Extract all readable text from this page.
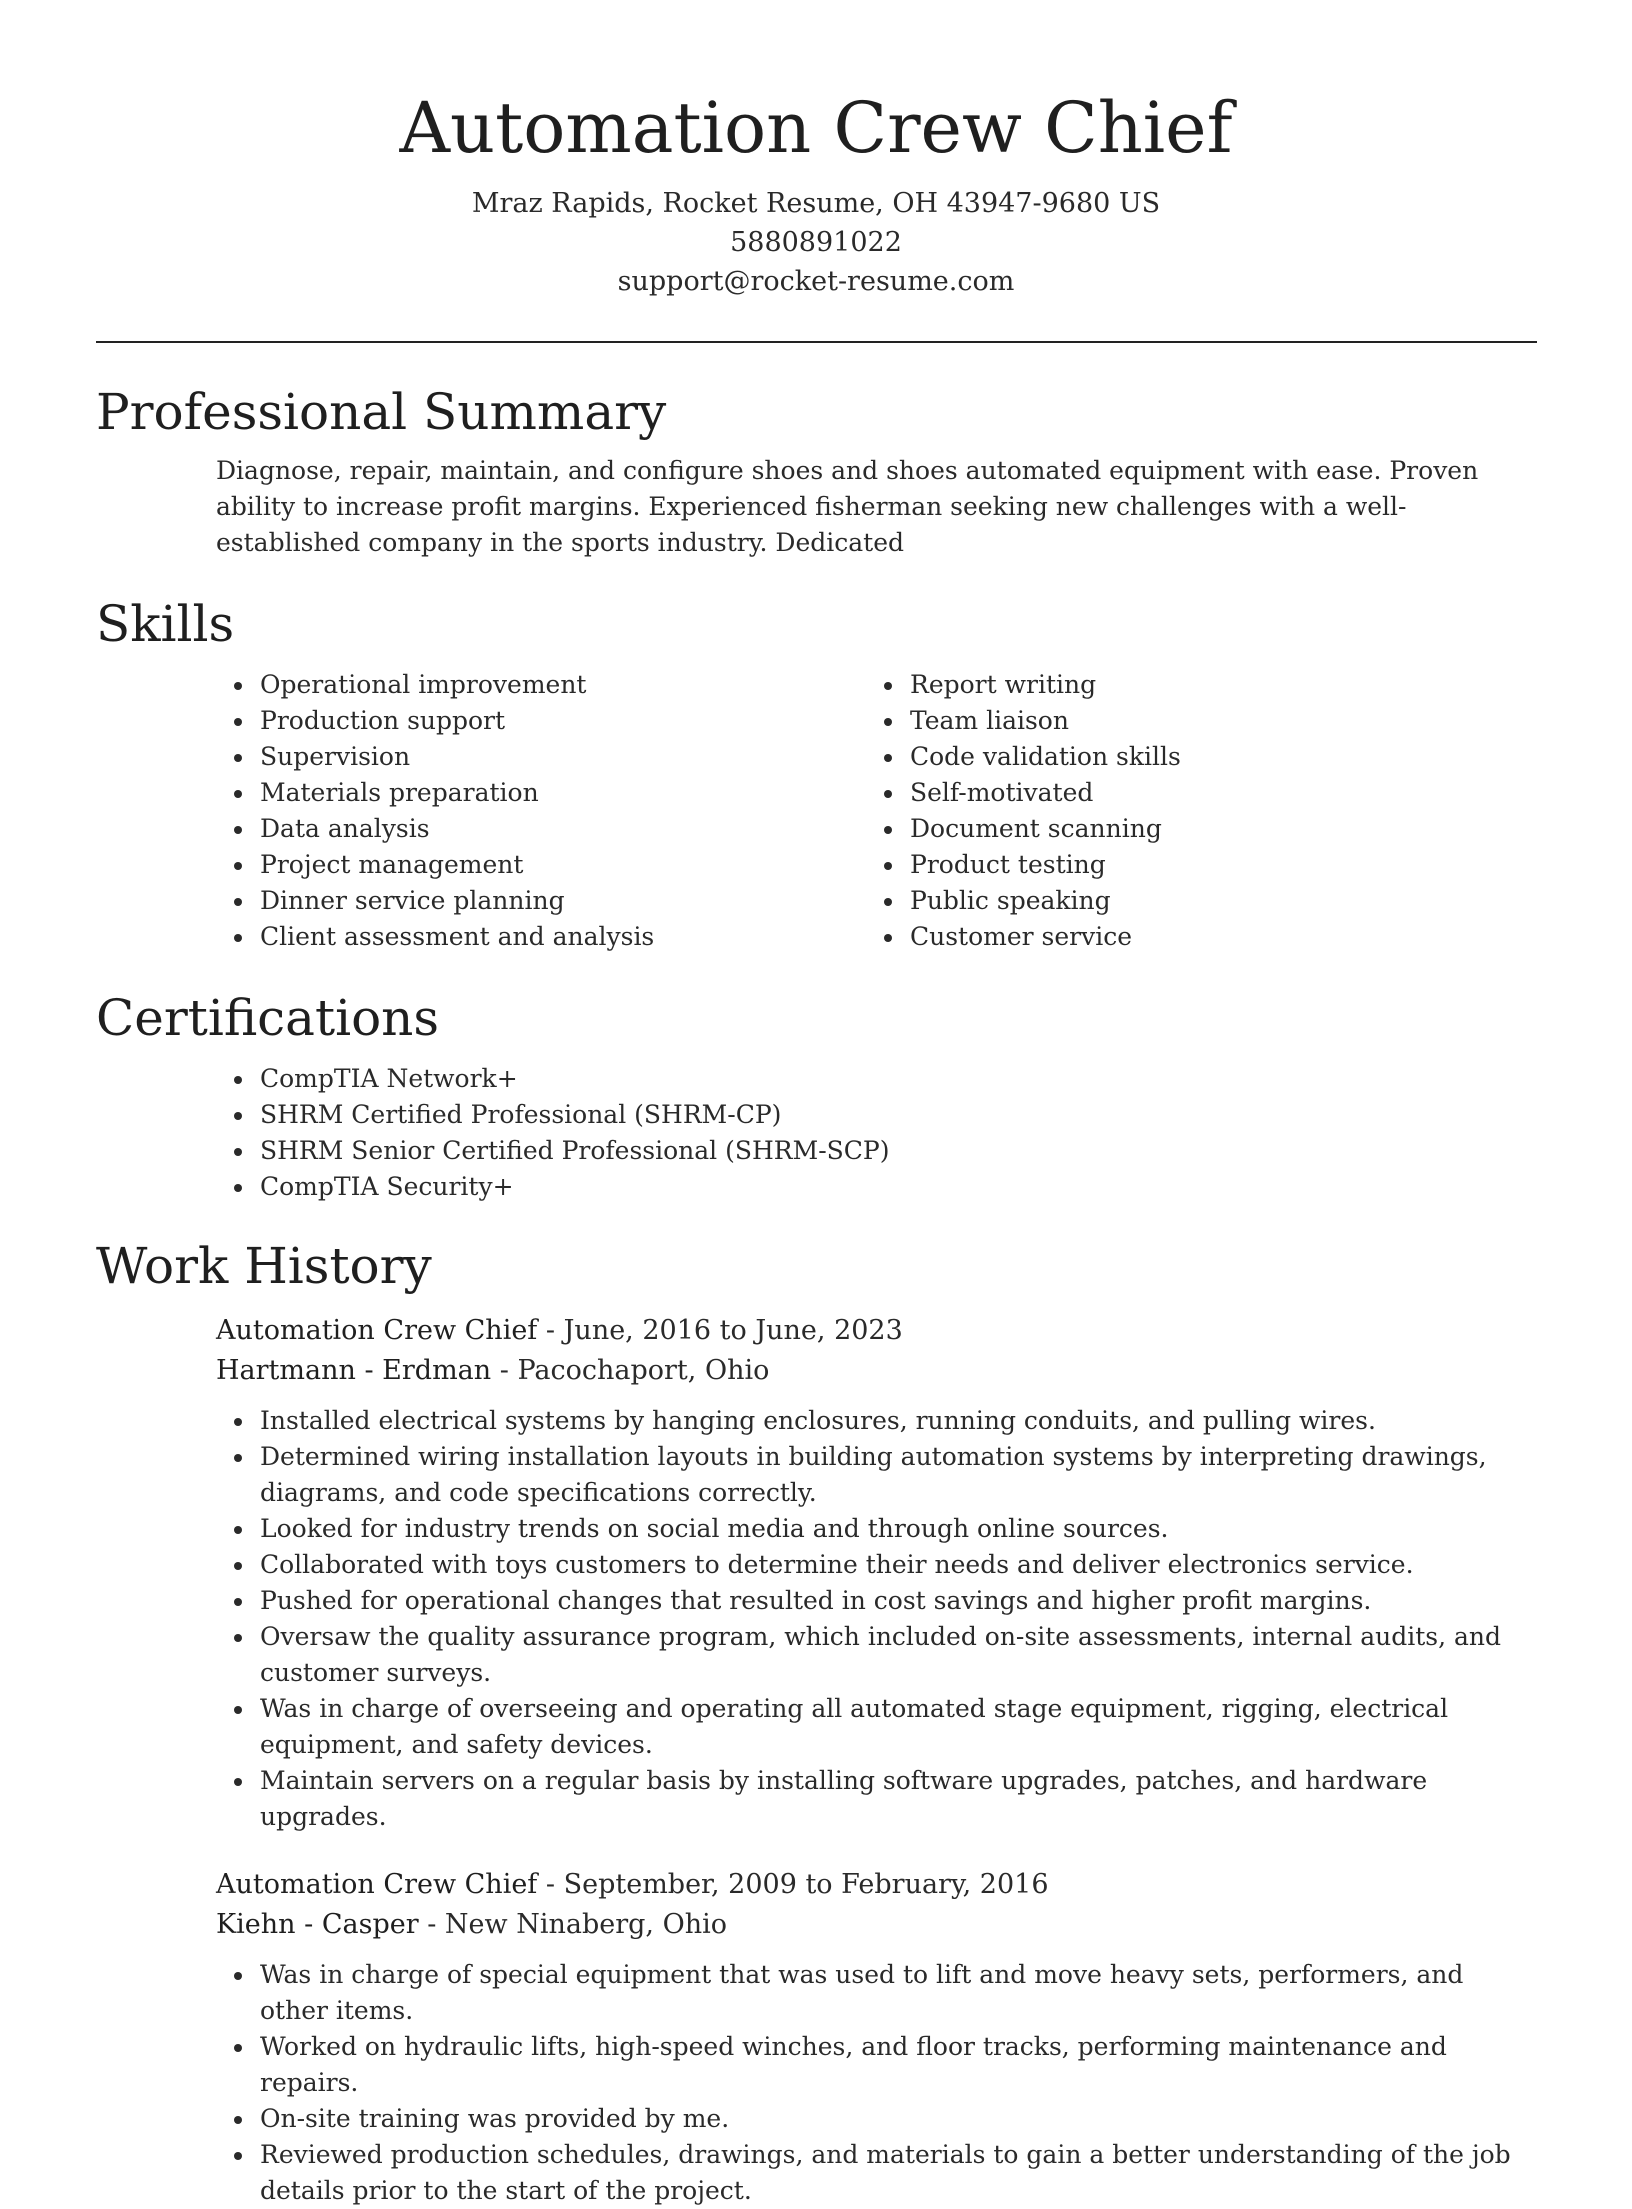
Automation Crew Chief
Mraz Rapids, Rocket Resume, OH 43947-9680 US
5880891022
support@rocket-resume.com
Professional Summary
Diagnose, repair, maintain, and configure shoes and shoes automated equipment with ease. Proven ability to increase profit margins. Experienced fisherman seeking new challenges with a well-established company in the sports industry. Dedicated
Skills
Operational improvement
Production support
Supervision
Materials preparation
Data analysis
Project management
Dinner service planning
Client assessment and analysis
Report writing
Team liaison
Code validation skills
Self-motivated
Document scanning
Product testing
Public speaking
Customer service
Certifications
CompTIA Network+
SHRM Certified Professional (SHRM-CP)
SHRM Senior Certified Professional (SHRM-SCP)
CompTIA Security+
Work History
Automation Crew Chief - June, 2016 to June, 2023
Hartmann - Erdman - Pacochaport, Ohio
Installed electrical systems by hanging enclosures, running conduits, and pulling wires.
Determined wiring installation layouts in building automation systems by interpreting drawings, diagrams, and code specifications correctly.
Looked for industry trends on social media and through online sources.
Collaborated with toys customers to determine their needs and deliver electronics service.
Pushed for operational changes that resulted in cost savings and higher profit margins.
Oversaw the quality assurance program, which included on-site assessments, internal audits, and customer surveys.
Was in charge of overseeing and operating all automated stage equipment, rigging, electrical equipment, and safety devices.
Maintain servers on a regular basis by installing software upgrades, patches, and hardware upgrades.
Automation Crew Chief - September, 2009 to February, 2016
Kiehn - Casper - New Ninaberg, Ohio
Was in charge of special equipment that was used to lift and move heavy sets, performers, and other items.
Worked on hydraulic lifts, high-speed winches, and floor tracks, performing maintenance and repairs.
On-site training was provided by me.
Reviewed production schedules, drawings, and materials to gain a better understanding of the job details prior to the start of the project.
